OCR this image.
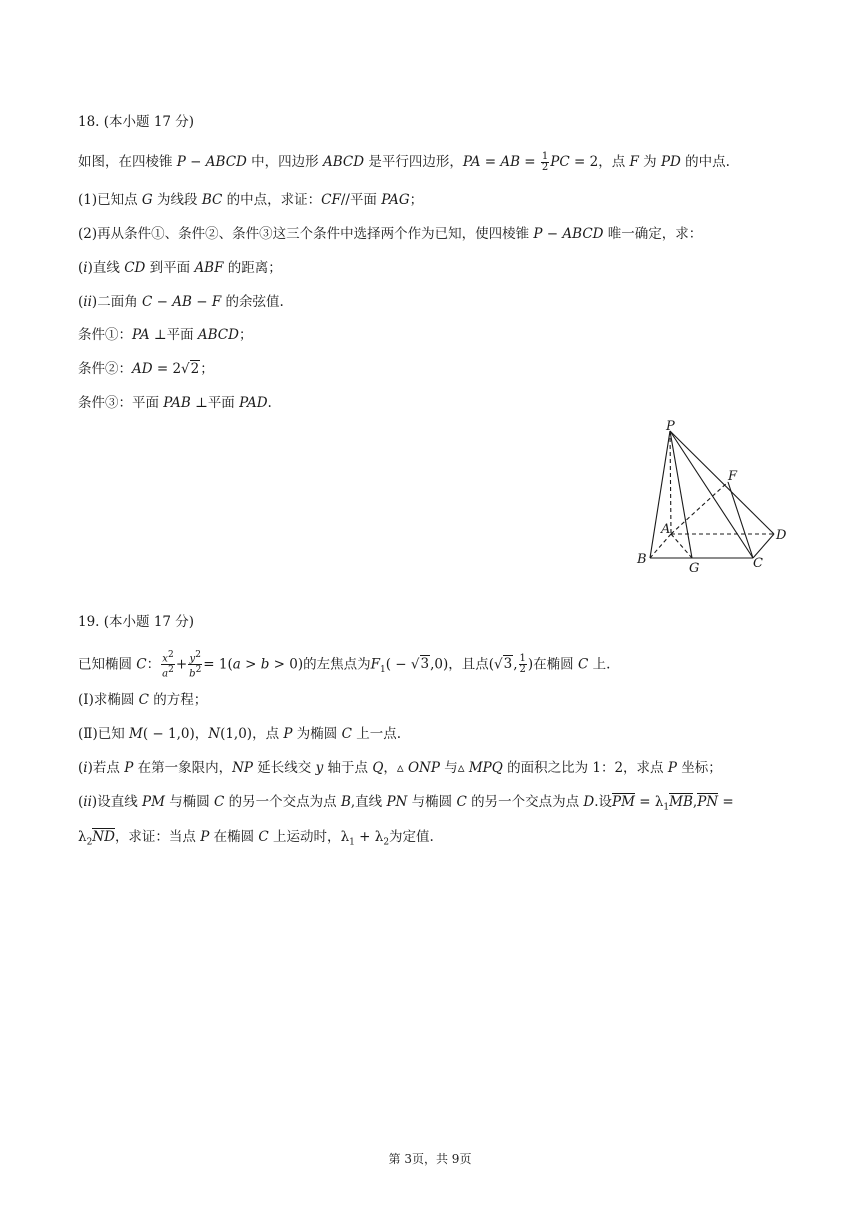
18. (本小题 17 分)
如图，在四棱锥 P − ABCD 中，四边形 ABCD 是平行四边形，PA = AB = $\frac{1}{2}$ PC = 2，点 F 为 PD 的中点.
(1)已知点 G 为线段 BC 的中点，求证：CF//平面 PAG；
(2)再从条件①、条件②、条件③这三个条件中选择两个作为已知，使四棱锥 P − ABCD 唯一确定，求：
(i)直线 CD 到平面 ABF 的距离；
(ii)二面角 C − AB − F 的余弦值.
条件①：PA ⊥平面 ABCD；
条件②：AD = 2√2；
条件③：平面 PAB ⊥平面 PAD.
P
F
A	D
B
G	C
19. (本小题 17 分)
已知椭圆 C： $\frac{x^2}{a^2} + \frac{y^2}{b^2} = 1(a > b > 0)$的左焦点为$F_1( - √3,0)$，且点(√3, $\frac{1}{2}$ )在椭圆 C 上.
(Ⅰ)求椭圆 C 的方程；
(Ⅱ)已知 M( − 1,0)，N(1,0)，点 P 为椭圆 C 上一点.
(i)若点 P 在第一象限内，NP 延长线交 y 轴于点 Q，▵ ONP 与▵ MPQ 的面积之比为 1：2，求点 P 坐标；
(ii)设直线 PM 与椭圆 C 的另一个交点为点 B,直线 PN 与椭圆 C 的另一个交点为点 D.设PM = $\lambda_1MB,PN$ =
$\lambda_2ND$，求证：当点 P 在椭圆 C 上运动时，$\lambda_1 + \lambda_2$为定值.
第 3页，共 9页
